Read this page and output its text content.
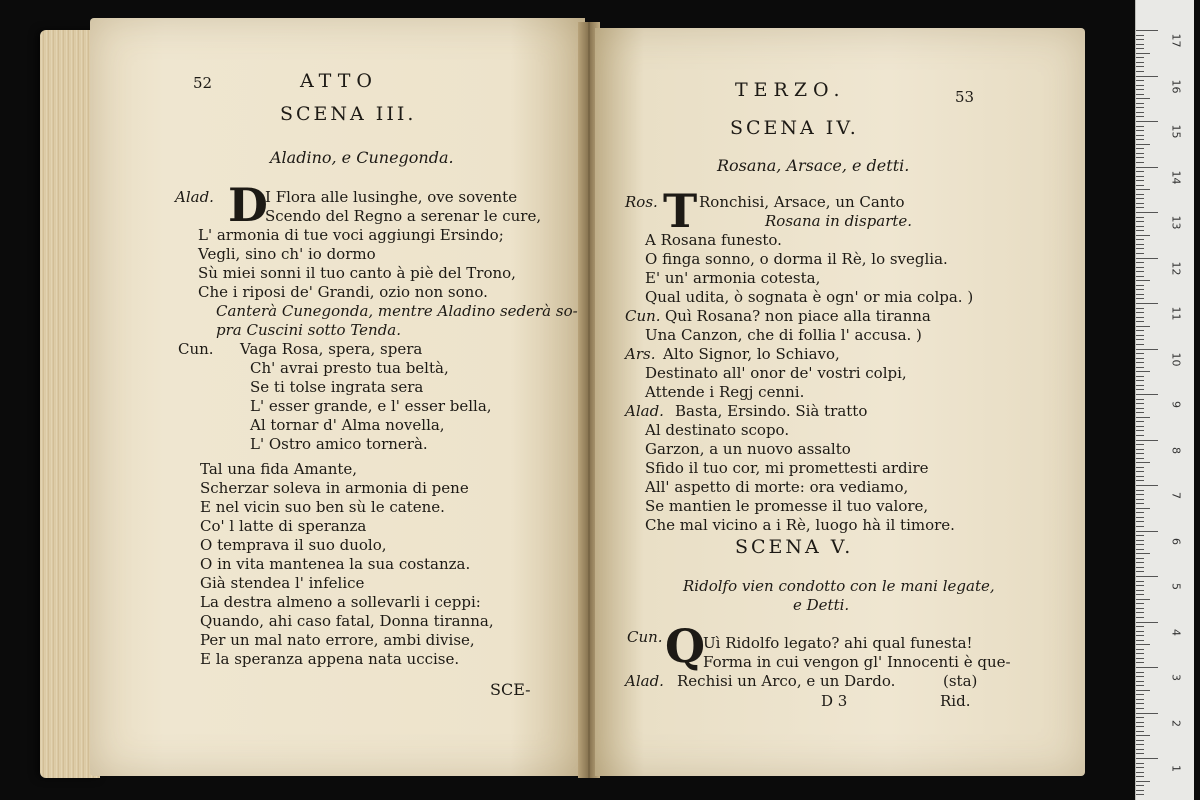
52	ATTO
SCENA III.
Aladino, e Cunegonda.
Alad. D
I Flora alle lusinghe, ove sovente
Scendo del Regno a serenar le cure,
L' armonia di tue voci aggiungi Ersindo;
Vegli, sino ch' io dormo
Sù miei sonni il tuo canto à piè del Trono,
Che i riposi de' Grandi, ozio non sono.
Canterà Cunegonda, mentre Aladino sederà so-
pra Cuscini sotto Tenda.
Cun. Vaga Rosa, spera, spera
Ch' avrai presto tua beltà,
Se ti tolse ingrata sera
L' esser grande, e l' esser bella,
Al tornar d' Alma novella,
L' Ostro amico tornerà.
Tal una fida Amante,
Scherzar soleva in armonia di pene
E nel vicin suo ben sù le catene.
Co' l latte di speranza
O temprava il suo duolo,
O in vita mantenea la sua costanza.
Già stendea l' infelice
La destra almeno a sollevarli i ceppi:
Quando, ahi caso fatal, Donna tiranna,
Per un mal nato errore, ambi divise,
E la speranza appena nata uccise.
SCE-
TERZO.	53
SCENA IV.
Rosana, Arsace, e detti.
Ros. T Ronchisi, Arsace, un Canto
Rosana in disparte.
A Rosana funesto.
O finga sonno, o dorma il Rè, lo sveglia.
E' un' armonia cotesta,
Qual udita, ò sognata è ogn' or mia colpa. )
Cun. Quì Rosana? non piace alla tiranna
Una Canzon, che di follia l' accusa. )
Ars. Alto Signor, lo Schiavo,
Destinato all' onor de' vostri colpi,
Attende i Regj cenni.
Alad. Basta, Ersindo. Sià tratto
Al destinato scopo.
Garzon, a un nuovo assalto
Sfido il tuo cor, mi promettesti ardire
All' aspetto di morte: ora vediamo,
Se mantien le promesse il tuo valore,
Che mal vicino a i Rè, luogo hà il timore.
SCENA V.
Ridolfo vien condotto con le mani legate,
e Detti.
Cun. Q
Uì Ridolfo legato? ahi qual funesta!
Forma in cui vengon gl' Innocenti è que-
Alad. Rechisi un Arco, e un Dardo.	(sta)
D 3	Rid.
17
16
15
14
13
12
11
10
9
8
7
6
5
4
3
2
1
